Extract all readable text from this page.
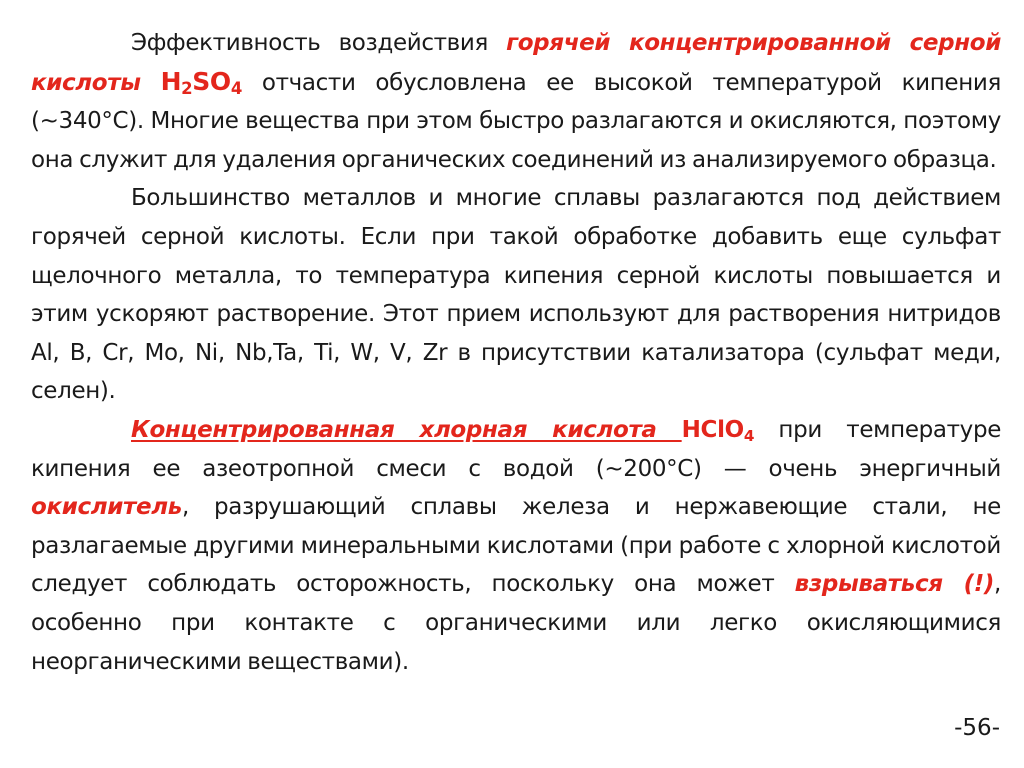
Эффективность воздействия горячей концентрированной серной кислоты $H_2SO_4$ отчасти обусловлена ее высокой температурой кипения (~340°С). Многие вещества при этом быстро разлагаются и окисляются, поэтому она служит для удаления органических соединений из анализируемого образца.

Большинство металлов и многие сплавы разлагаются под действием горячей серной кислоты. Если при такой обработке добавить еще сульфат щелочного металла, то температура кипения серной кислоты повышается и этим ускоряют растворение. Этот прием используют для растворения нитридов Al, B, Cr, Mo, Ni, Nb,Ta, Ti, W, V, Zr в присутствии катализатора (сульфат меди, селен).

Концентрированная хлорная кислота HClO$_4$ при температуре кипения ее азеотропной смеси с водой (~200°С) — очень энергичный окислитель, разрушающий сплавы железа и нержавеющие стали, не разлагаемые другими минеральными кислотами (при работе с хлорной кислотой следует соблюдать осторожность, поскольку она может взрываться (!), особенно при контакте с органическими или легко окисляющимися неорганическими веществами).

-56-
